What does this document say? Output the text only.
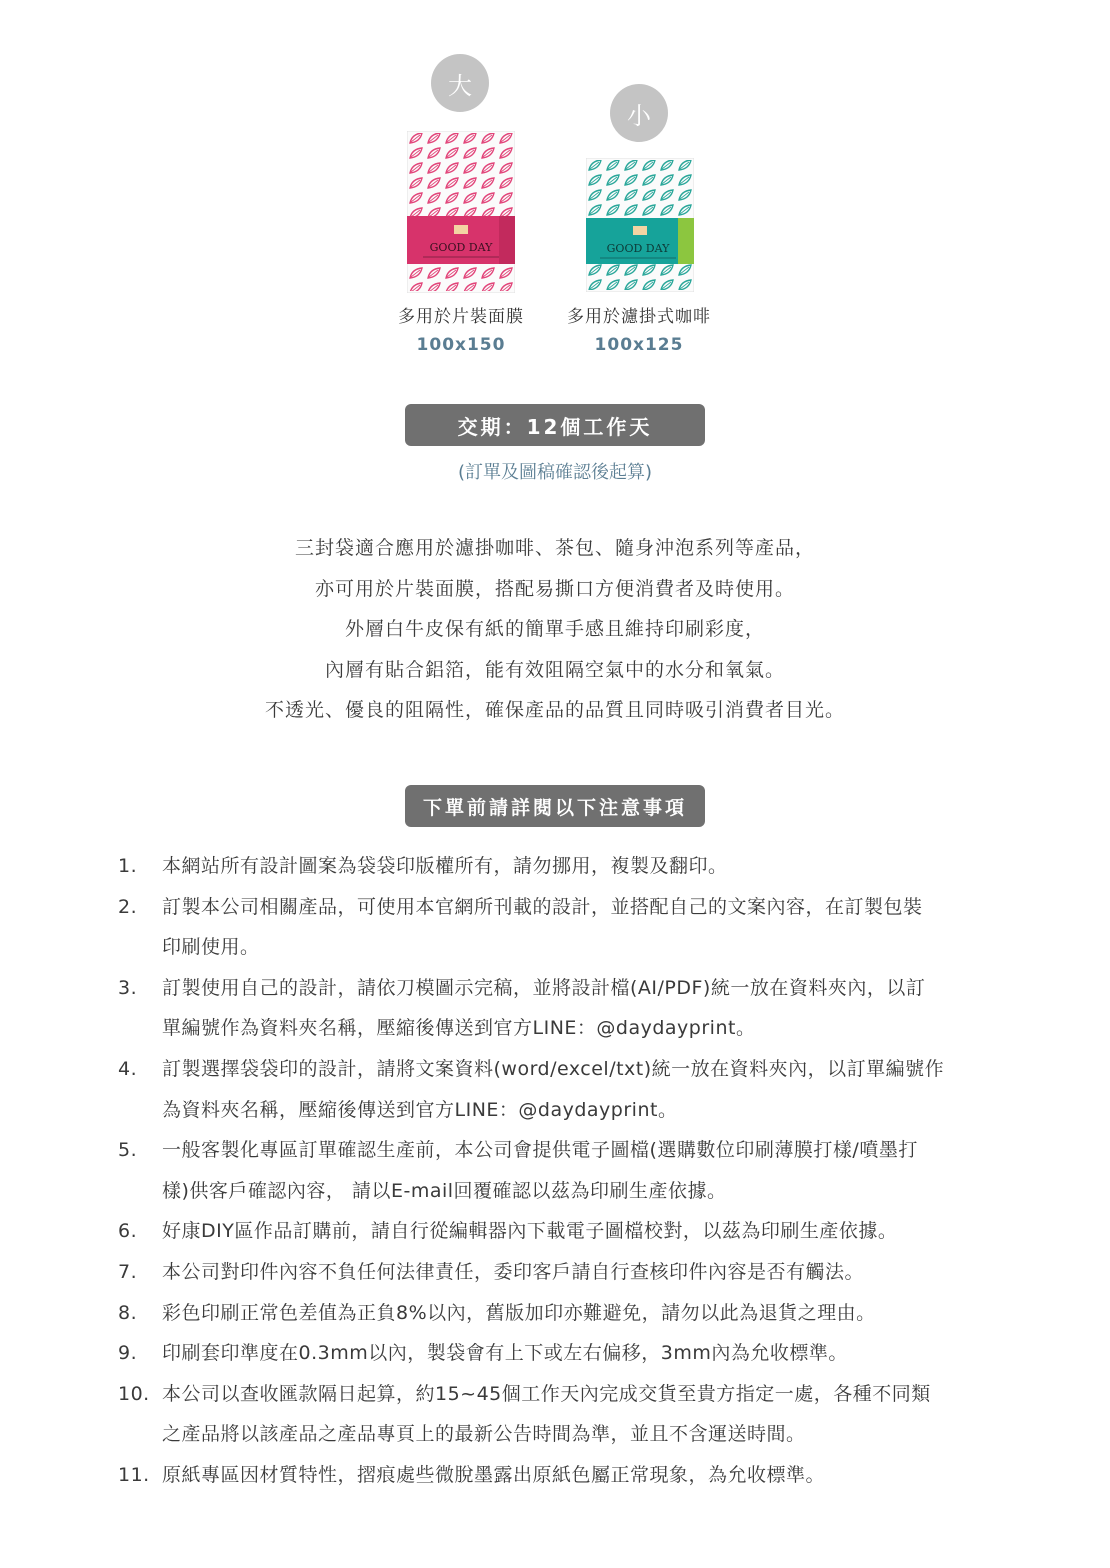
大
GOOD DAY
多用於片裝面膜
100x150
小
GOOD DAY
多用於濾掛式咖啡
100x125
交期：12個工作天
(訂單及圖稿確認後起算)

三封袋適合應用於濾掛咖啡、茶包、隨身沖泡系列等產品，

亦可用於片裝面膜，搭配易撕口方便消費者及時使用。

外層白牛皮保有紙的簡單手感且維持印刷彩度，

內層有貼合鋁箔，能有效阻隔空氣中的水分和氧氣。

不透光、優良的阻隔性，確保產品的品質且同時吸引消費者目光。

下單前請詳閱以下注意事項
1. 本網站所有設計圖案為袋袋印版權所有，請勿挪用，複製及翻印。
2. 訂製本公司相關產品，可使用本官網所刊載的設計，並搭配自己的文案內容，在訂製包裝
印刷使用。
3. 訂製使用自己的設計，請依刀模圖示完稿，並將設計檔(AI/PDF)統一放在資料夾內，以訂
單編號作為資料夾名稱，壓縮後傳送到官方LINE：@daydayprint。
4. 訂製選擇袋袋印的設計，請將文案資料(word/excel/txt)統一放在資料夾內，以訂單編號作
為資料夾名稱，壓縮後傳送到官方LINE：@daydayprint。
5. 一般客製化專區訂單確認生產前，本公司會提供電子圖檔(選購數位印刷薄膜打樣/噴墨打
樣)供客戶確認內容， 請以E-mail回覆確認以茲為印刷生產依據。
6. 好康DIY區作品訂購前，請自行從編輯器內下載電子圖檔校對，以茲為印刷生產依據。
7. 本公司對印件內容不負任何法律責任，委印客戶請自行查核印件內容是否有觸法。
8. 彩色印刷正常色差值為正負8%以內，舊版加印亦難避免，請勿以此為退貨之理由。
9. 印刷套印準度在0.3mm以內，製袋會有上下或左右偏移，3mm內為允收標準。
10. 本公司以查收匯款隔日起算，約15~45個工作天內完成交貨至貴方指定一處，各種不同類
之產品將以該產品之產品專頁上的最新公告時間為準，並且不含運送時間。
11. 原紙專區因材質特性，摺痕處些微脫墨露出原紙色屬正常現象，為允收標準。
